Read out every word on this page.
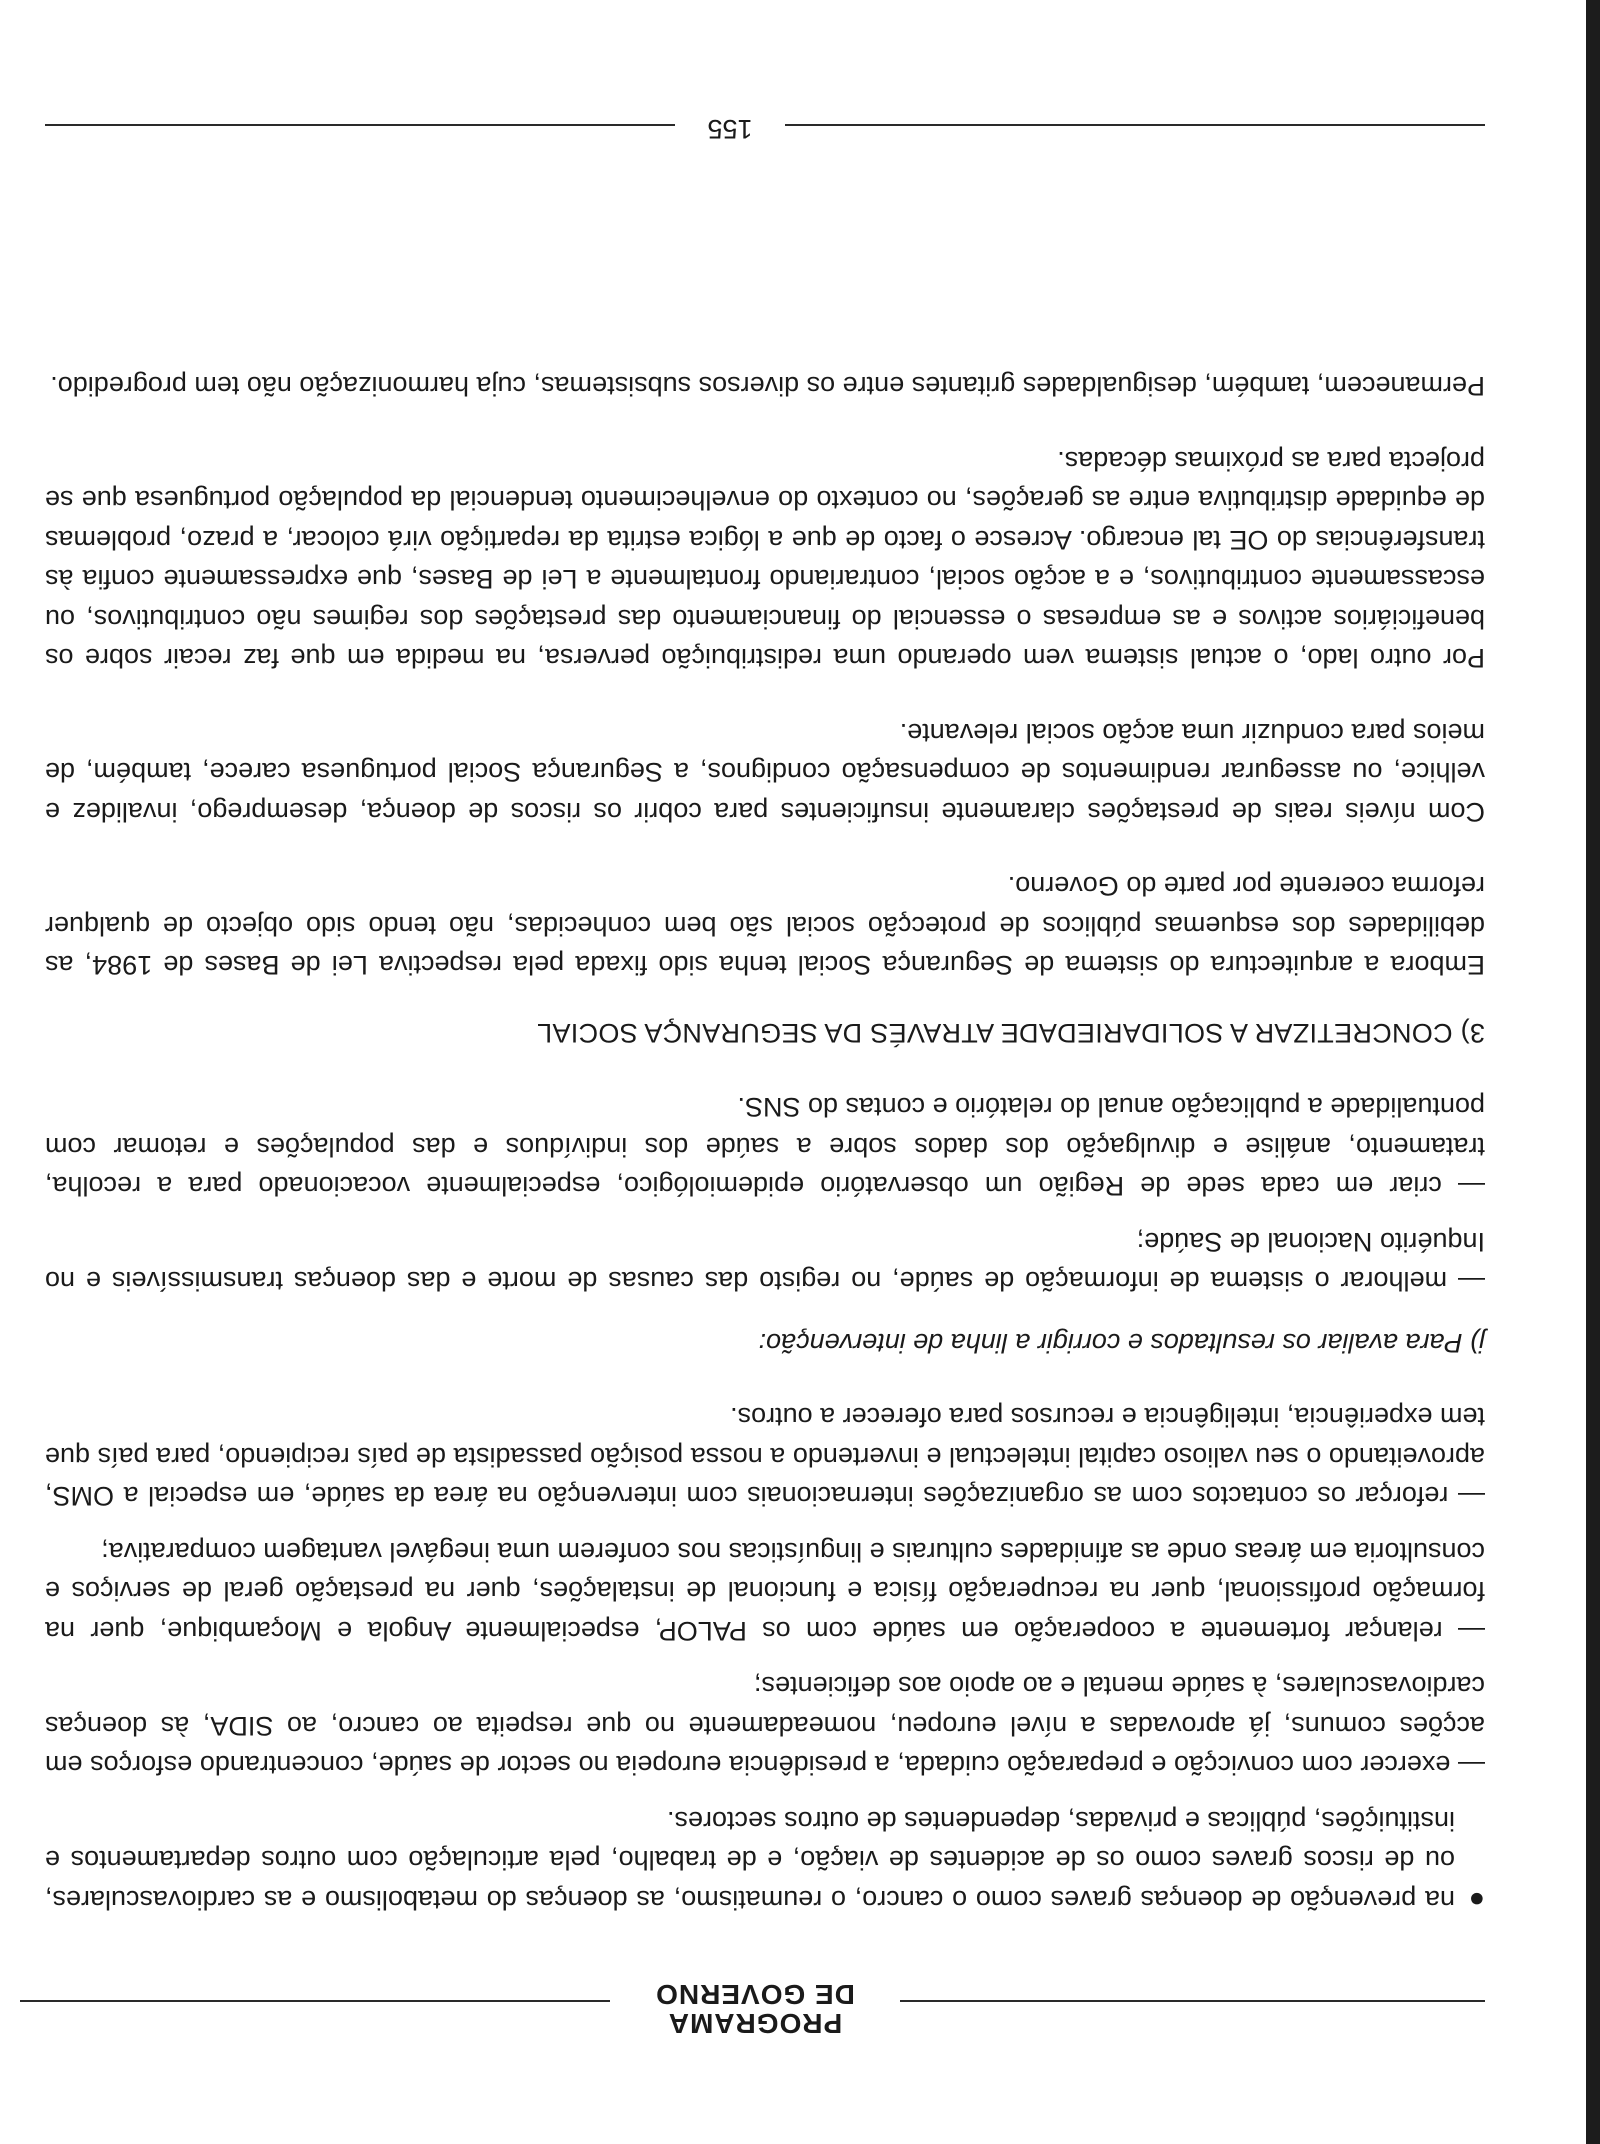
PROGRAMA
DE GOVERNO

●
na prevenção de doenças graves como o cancro, o reumatismo, as doenças do metabolismo e as cardiovasculares, ou de riscos graves como os de acidentes de viação, e de trabalho, pela articulação com outros departamentos e instituições, públicas e privadas, dependentes de outros sectores.

— exercer com convicção e preparação cuidada, a presidência europeia no sector de saúde, concentrando esforços em acções comuns, já aprovadas a nível europeu, nomeadamente no que respeita ao cancro, ao SIDA, às doenças cardiovasculares, à saúde mental e ao apoio aos deficientes;

— relançar fortemente a cooperação em saúde com os PALOP, especialmente Angola e Moçambique, quer na formação profissional, quer na recuperação física e funcional de instalações, quer na prestação geral de serviços e consultoria em áreas onde as afinidades culturais e linguísticas nos conferem uma inegável vantagem comparativa;

— reforçar os contactos com as organizações internacionais com intervenção na área da saúde, em especial a OMS, aproveitando o seu valioso capital intelectual e invertendo a nossa posição passadista de país recipiendo, para país que tem experiência, inteligência e recursos para oferecer a outros.

j) Para avaliar os resultados e corrigir a linha de intervenção:

— melhorar o sistema de informação de saúde, no registo das causas de morte e das doenças transmissíveis e no Inquérito Nacional de Saúde;

— criar em cada sede de Região um observatório epidemiológico, especialmente vocacionado para a recolha, tratamento, análise e divulgação dos dados sobre a saúde dos indivíduos e das populações e retomar com pontualidade a publicação anual do relatório e contas do SNS.

3) CONCRETIZAR A SOLIDARIEDADE ATRAVÉS DA SEGURANÇA SOCIAL

Embora a arquitectura do sistema de Segurança Social tenha sido fixada pela respectiva Lei de Bases de 1984, as debilidades dos esquemas públicos de protecção social são bem conhecidas, não tendo sido objecto de qualquer reforma coerente por parte do Governo.

Com níveis reais de prestações claramente insuficientes para cobrir os riscos de doença, desemprego, invalidez e velhice, ou assegurar rendimentos de compensação condignos, a Segurança Social portuguesa carece, também, de meios para conduzir uma acção social relevante.

Por outro lado, o actual sistema vem operando uma redistribuição perversa, na medida em que faz recair sobre os beneficiários activos e as empresas o essencial do financiamento das prestações dos regimes não contributivos, ou escassamente contributivos, e a acção social, contrariando frontalmente a Lei de Bases, que expressamente confia às transferências do OE tal encargo. Acresce o facto de que a lógica estrita da repartição virá colocar, a prazo, problemas de equidade distributiva entre as gerações, no contexto do envelhecimento tendencial da população portuguesa que se projecta para as próximas décadas.

Permanecem, também, desigualdades gritantes entre os diversos subsistemas, cuja harmonização não tem progredido.

155
